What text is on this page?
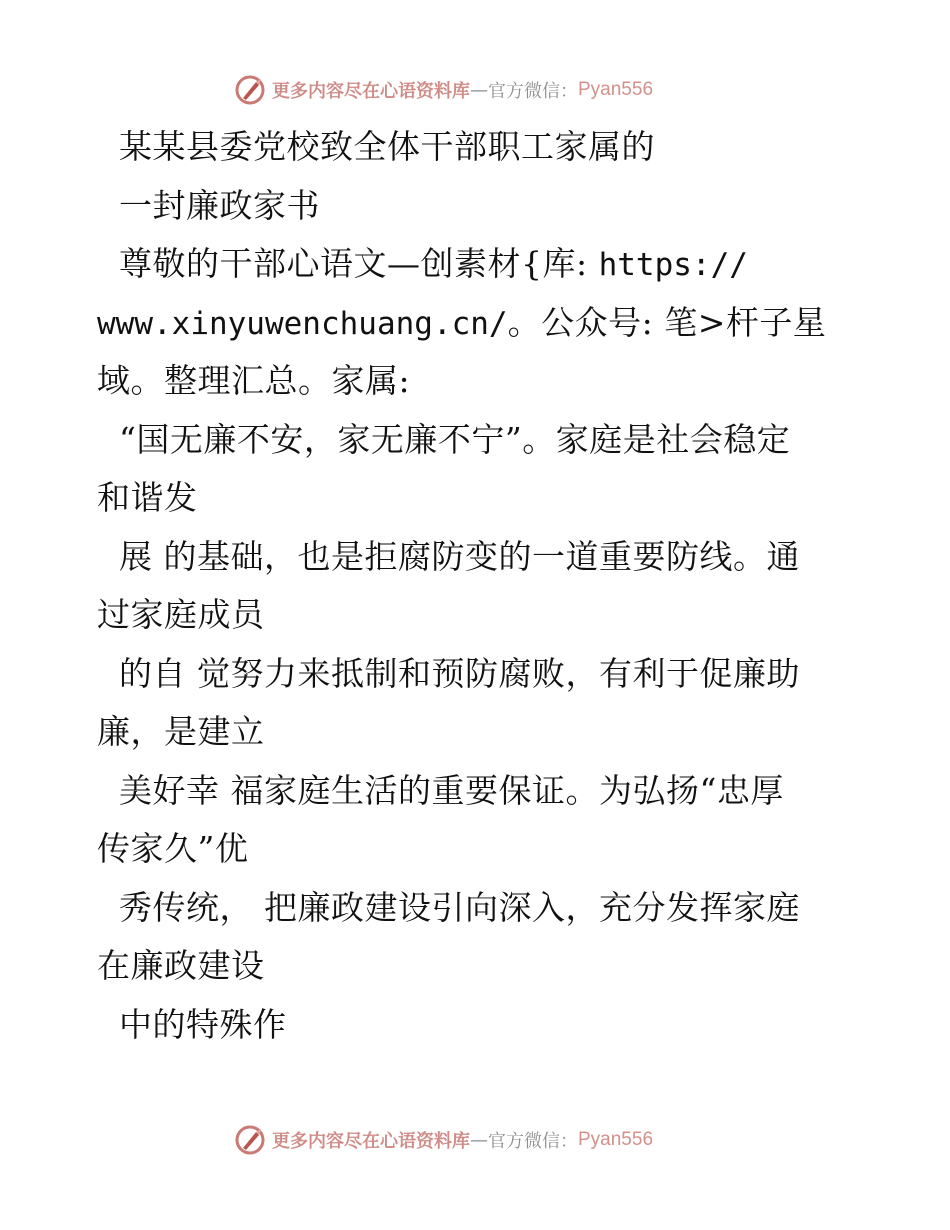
更多内容尽在心语资料库 — 官方微信： Pyan556
某某县委党校致全体干部职工家属的
一封廉政家书
尊敬的干部心语文—创素材{库: https://
www.xinyuwenchuang.cn/。公众号: 笔>杆子星
域。整理汇总。家属:
“国无廉不安，家无廉不宁”。家庭是社会稳定
和谐发
展 的基础，也是拒腐防变的一道重要防线。通
过家庭成员
的自 觉努力来抵制和预防腐败，有利于促廉助
廉，是建立
美好幸 福家庭生活的重要保证。为弘扬“忠厚
传家久”优
秀传统， 把廉政建设引向深入，充分发挥家庭
在廉政建设
中的特殊作
更多内容尽在心语资料库 — 官方微信： Pyan556
